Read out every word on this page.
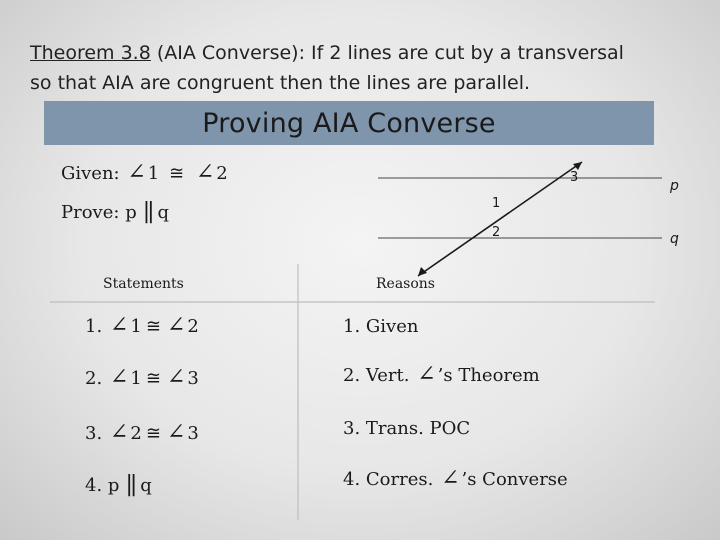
Theorem 3.8 (AIA Converse): If 2 lines are cut by a transversal
so that AIA are congruent then the lines are parallel.
Proving AIA Converse
Given: ∠ 1 ≅ ∠ 2
Prove: p || q	1
2
3
p
q
Statements	Reasons
1. ∠ 1 ≅ ∠ 2	1. Given
2. ∠ 1 ≅ ∠ 3	2. Vert. ∠ ’s Theorem
3. ∠ 2 ≅ ∠ 3	3. Trans. POC
4. p || q	4. Corres. ∠ ’s Converse
